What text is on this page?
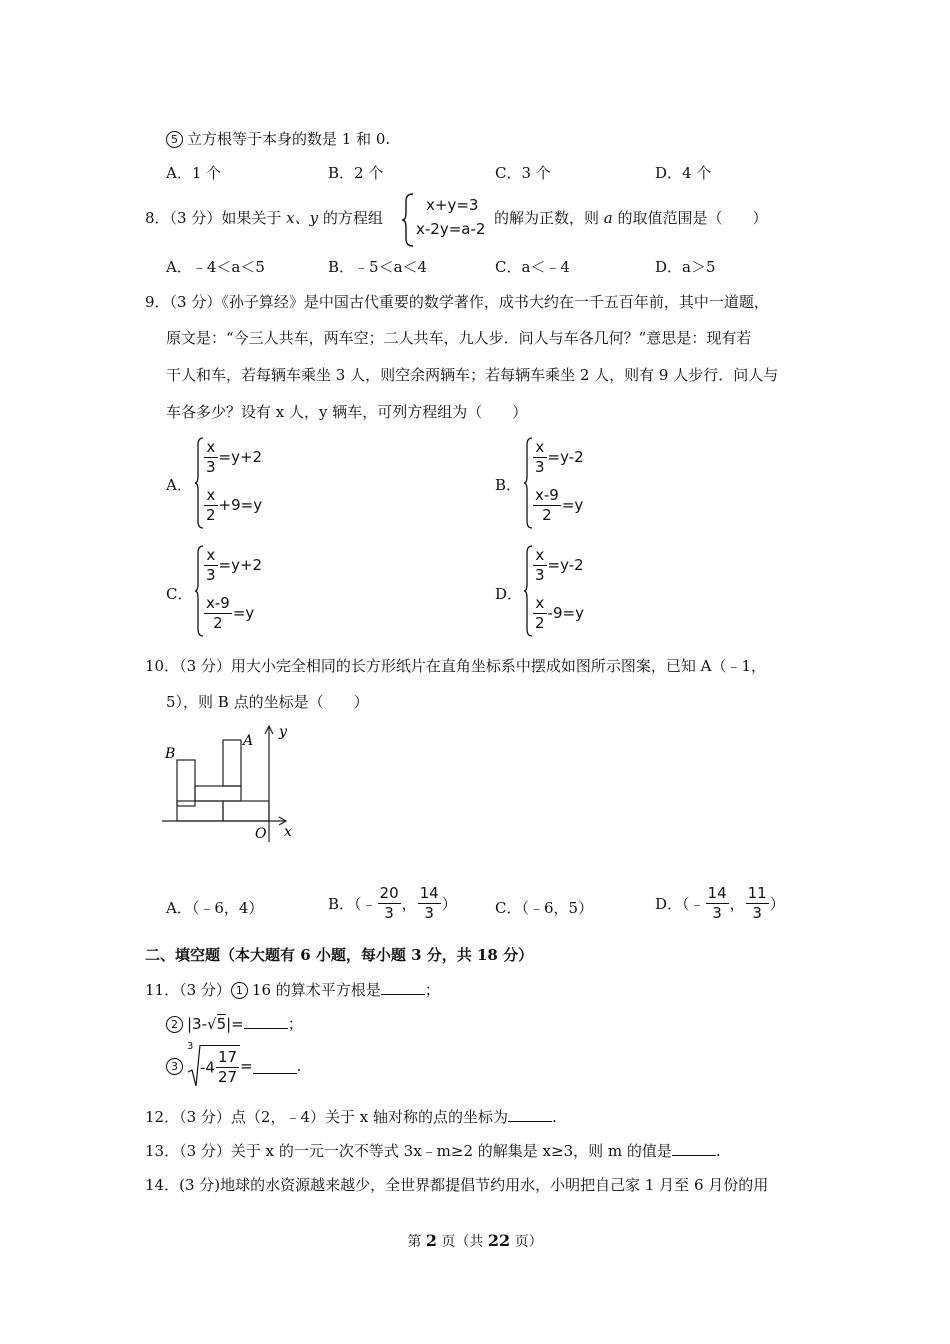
5 立方根等于本身的数是 1 和 0.
A．1 个	B．2 个	C．3 个	D．4 个
8．（3 分）如果关于 x、y 的方程组
x+y=3
x-2y=a-2
的解为正数，则 a 的取值范围是（　　）
A．﹣4＜a＜5	B．﹣5＜a＜4	C．a＜﹣4	D．a＞5
9．（3 分）《孙子算经》是中国古代重要的数学著作，成书大约在一千五百年前，其中一道题，
原文是：“今三人共车，两车空；二人共车，九人步．问人与车各几何？”意思是：现有若
干人和车，若每辆车乘坐 3 人，则空余两辆车；若每辆车乘坐 2 人，则有 9 人步行．问人与
车各多少？设有 x 人，y 辆车，可列方程组为（　　）
A．
$\frac{x}{3} =y+2$
$\frac{x}{2} +9=y$
B．
$\frac{x}{3} =y-2$
$\frac{x-9}{2} =y$
C．
$\frac{x}{3} =y+2$
$\frac{x-9}{2} =y$
D．
$\frac{x}{3} =y-2$
$\frac{x}{2} -9=y$
10．（3 分）用大小完全相同的长方形纸片在直角坐标系中摆成如图所示图案，已知 A（﹣1，
5），则 B 点的坐标是（　　）
B
A
y
O x
A．（﹣6，4）	B．（﹣ $\frac{20}{3}$ ， $\frac{14}{3}$ ）	C．（﹣6，5）	D．（﹣ $\frac{14}{3}$ ， $\frac{11}{3}$ ）
二、填空题（本大题有 6 小题，每小题 3 分，共 18 分）
11．（3 分） 1 16 的算术平方根是	；
2 |3-√5|=	；
3
3
$-4 \frac{17}{27}$ =	.
12．（3 分）点（2，﹣4）关于 x 轴对称的点的坐标为	.
13．（3 分）关于 x 的一元一次不等式 3x﹣m≥2 的解集是 x≥3，则 m 的值是	.
14．(3 分)地球的水资源越来越少，全世界都提倡节约用水，小明把自己家 1 月至 6 月份的用
第 2 页（共 22 页）
